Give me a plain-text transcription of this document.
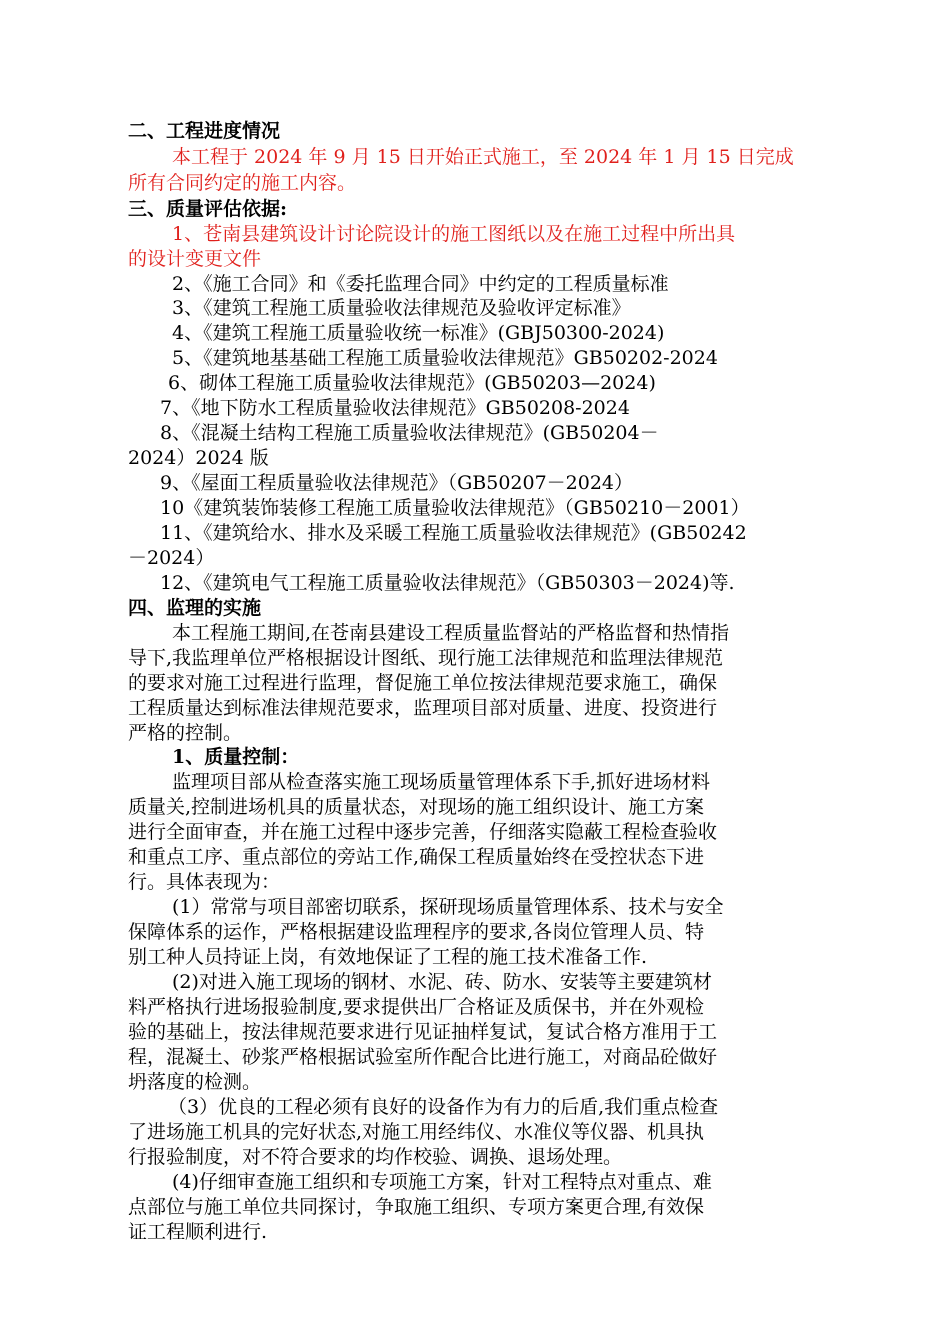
二、工程进度情况
本工程于 2024 年 9 月 15 日开始正式施工，至 2024 年 1 月 15 日完成
所有合同约定的施工内容。
三、质量评估依据:
1、苍南县建筑设计讨论院设计的施工图纸以及在施工过程中所出具
的设计变更文件
2、《施工合同》和《委托监理合同》中约定的工程质量标准
3、《建筑工程施工质量验收法律规范及验收评定标准》
4、《建筑工程施工质量验收统一标准》(GBJ50300-2024)
5、《建筑地基基础工程施工质量验收法律规范》GB50202-2024
6、砌体工程施工质量验收法律规范》(GB50203—2024)
7、《地下防水工程质量验收法律规范》GB50208-2024
8、《混凝土结构工程施工质量验收法律规范》(GB50204－
2024）2024 版
9、《屋面工程质量验收法律规范》（GB50207－2024）
10《建筑装饰装修工程施工质量验收法律规范》（GB50210－2001）
11、《建筑给水、排水及采暖工程施工质量验收法律规范》(GB50242
－2024）
12、《建筑电气工程施工质量验收法律规范》（GB50303－2024)等.
四、监理的实施
本工程施工期间,在苍南县建设工程质量监督站的严格监督和热情指
导下,我监理单位严格根据设计图纸、现行施工法律规范和监理法律规范
的要求对施工过程进行监理，督促施工单位按法律规范要求施工，确保
工程质量达到标准法律规范要求，监理项目部对质量、进度、投资进行
严格的控制。
1、质量控制：
监理项目部从检查落实施工现场质量管理体系下手,抓好进场材料
质量关,控制进场机具的质量状态，对现场的施工组织设计、施工方案
进行全面审查，并在施工过程中逐步完善，仔细落实隐蔽工程检查验收
和重点工序、重点部位的旁站工作,确保工程质量始终在受控状态下进
行。具体表现为：
(1）常常与项目部密切联系，探研现场质量管理体系、技术与安全
保障体系的运作，严格根据建设监理程序的要求,各岗位管理人员、特
别工种人员持证上岗，有效地保证了工程的施工技术准备工作.
(2)对进入施工现场的钢材、水泥、砖、防水、安装等主要建筑材
料严格执行进场报验制度,要求提供出厂合格证及质保书，并在外观检
验的基础上，按法律规范要求进行见证抽样复试，复试合格方准用于工
程，混凝土、砂浆严格根据试验室所作配合比进行施工，对商品砼做好
坍落度的检测。
（3）优良的工程必须有良好的设备作为有力的后盾,我们重点检查
了进场施工机具的完好状态,对施工用经纬仪、水准仪等仪器、机具执
行报验制度，对不符合要求的均作校验、调换、退场处理。
(4)仔细审查施工组织和专项施工方案，针对工程特点对重点、难
点部位与施工单位共同探讨，争取施工组织、专项方案更合理,有效保
证工程顺利进行.
